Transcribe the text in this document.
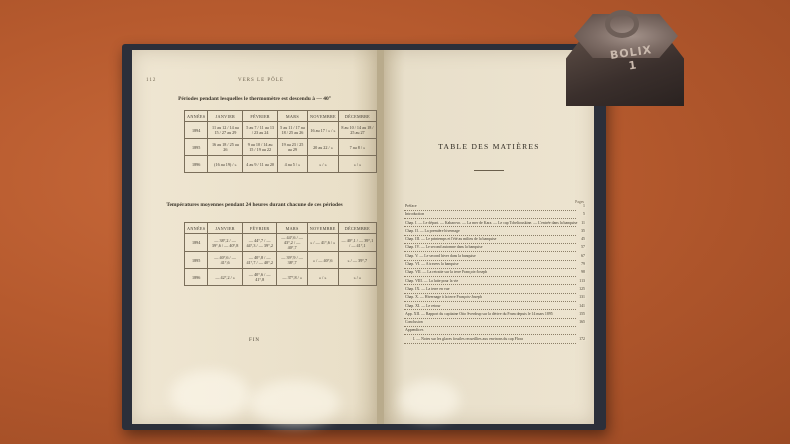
112	VERS LE PÔLE
Périodes pendant lesquelles le thermomètre est descendu à — 40°
ANNÉES	JANVIER	FÉVRIER	MARS	NOVEMBRE	DÉCEMBRE
1894	11 au 12 / 14 au 15 / 27 au 29	5 au 7 / 11 au 13 / 23 au 24	5 au 11 / 17 au 18 / 25 au 26	16 au 17 / » / »	8 au 10 / 14 au 18 / 25 au 27
1895	16 au 18 / 25 au 26	9 au 10 / 14 au 15 / 19 au 22	19 au 23 / 25 au 29	20 au 22 / »	7 au 8 / »
1896	(16 au 19) / »	4 au 9 / 11 au 20	4 au 5 / »	» / »	» / »
Températures moyennes pendant 24 heures durant chacune de ces périodes
ANNÉES	JANVIER	FÉVRIER	MARS	NOVEMBRE	DÉCEMBRE
1894	— 38°,2 / — 39°,6 / — 40°,8	— 44°,7 / — 44°,3 / — 39°,2	— 44°,6 / — 43°,2 / — 40°,7	» / — 41°,6 / »	— 40°,1 / — 39°,1 / — 41°,1
1895	— 40°,6 / — 41°,6	— 40°,8 / — 41°,7 / — 40°,2	— 39°,9 / — 38°,7	» / — 40°,6	» / — 39°,7
1896	— 42°,2 / »	— 40°,6 / — 41°,8	— 37°,8 / »	» / »	» / »
FIN
TABLE DES MATIÈRES
Pages
Préface	1
Introduction	5
Chap. I. — Le départ. — Kabarovo. — La mer de Kara. — Le cap Tcheliouskine. — L'entrée dans la banquise 11
Chap. II. — La première hivernage	35
Chap. III. — Le printemps et l'été au milieu de la banquise	45
Chap. IV. — Le second automne dans la banquise	57
Chap. V. — Le second hiver dans la banquise	67
Chap. VI. — A travers la banquise	79
Chap. VII. — La retraite sur la terre François-Joseph	98
Chap. VIII. — La lutte pour la vie	113
Chap. IX. — La terre en vue	125
Chap. X. — Hivernage à la terre François-Joseph	131
Chap. XI. — Le retour	141
App. XII. — Rapport du capitaine Otto Sverdrup sur la dérive du Fram depuis le 14 mars 1895	155
Conclusion	165
Appendices
I. — Notes sur les glaces fossiles recueillies aux environs du cap Flora	172
BOLIX 1
